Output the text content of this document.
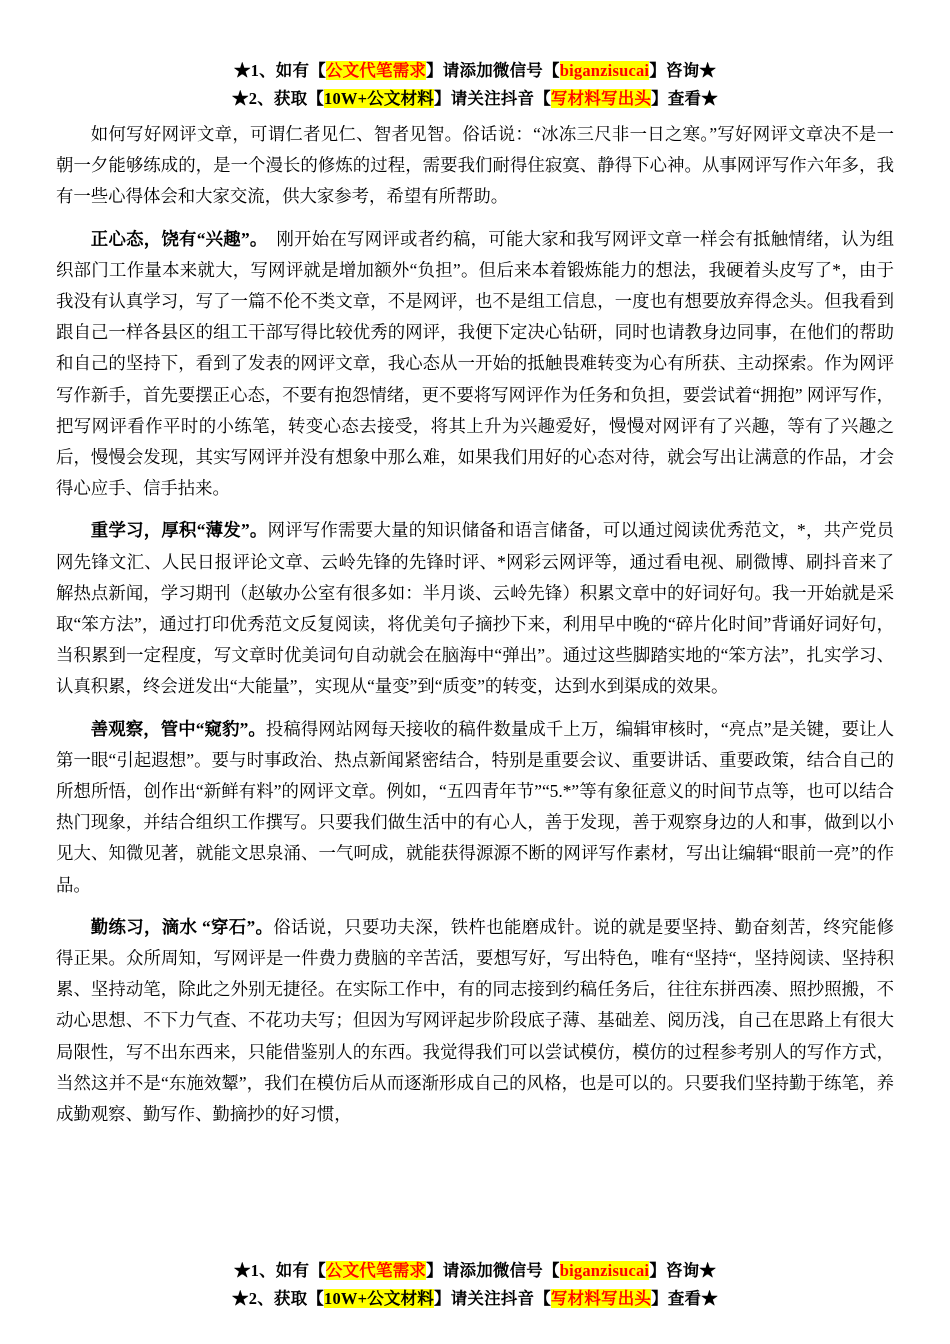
★1、如有【公文代笔需求】请添加微信号【biganzisucai】咨询★
★2、获取【10W+公文材料】请关注抖音【写材料写出头】查看★

如何写好网评文章，可谓仁者见仁、智者见智。俗话说：“冰冻三尺非一日之寒。”写好网评文章决不是一朝一夕能够练成的，是一个漫长的修炼的过程，需要我们耐得住寂寞、静得下心神。从事网评写作六年多，我有一些心得体会和大家交流，供大家参考，希望有所帮助。

正心态，饶有“兴趣”。　刚开始在写网评或者约稿，可能大家和我写网评文章一样会有抵触情绪，认为组织部门工作量本来就大，写网评就是增加额外“负担”。但后来本着锻炼能力的想法，我硬着头皮写了*，由于我没有认真学习，写了一篇不伦不类文章，不是网评，也不是组工信息，一度也有想要放弃得念头。但我看到跟自己一样各县区的组工干部写得比较优秀的网评，我便下定决心钻研，同时也请教身边同事，在他们的帮助和自己的坚持下，看到了发表的网评文章，我心态从一开始的抵触畏难转变为心有所获、主动探索。作为网评写作新手，首先要摆正心态，不要有抱怨情绪，更不要将写网评作为任务和负担，要尝试着“拥抱” 网评写作，把写网评看作平时的小练笔，转变心态去接受，将其上升为兴趣爱好，慢慢对网评有了兴趣，等有了兴趣之后，慢慢会发现，其实写网评并没有想象中那么难，如果我们用好的心态对待，就会写出让满意的作品，才会得心应手、信手拈来。

重学习，厚积“薄发”。网评写作需要大量的知识储备和语言储备，可以通过阅读优秀范文，*，共产党员网先锋文汇、人民日报评论文章、云岭先锋的先锋时评、*网彩云网评等，通过看电视、刷微博、刷抖音来了解热点新闻，学习期刊（赵敏办公室有很多如：半月谈、云岭先锋）积累文章中的好词好句。我一开始就是采取“笨方法”，通过打印优秀范文反复阅读，将优美句子摘抄下来，利用早中晚的“碎片化时间”背诵好词好句，当积累到一定程度，写文章时优美词句自动就会在脑海中“弹出”。通过这些脚踏实地的“笨方法”，扎实学习、认真积累，终会迸发出“大能量”，实现从“量变”到“质变”的转变，达到水到渠成的效果。

善观察，管中“窥豹”。投稿得网站网每天接收的稿件数量成千上万，编辑审核时，“亮点”是关键，要让人第一眼“引起遐想”。要与时事政治、热点新闻紧密结合，特别是重要会议、重要讲话、重要政策，结合自己的所想所悟，创作出“新鲜有料”的网评文章。例如，“五四青年节”“5.*”等有象征意义的时间节点等，也可以结合热门现象，并结合组织工作撰写。只要我们做生活中的有心人，善于发现，善于观察身边的人和事，做到以小见大、知微见著，就能文思泉涌、一气呵成，就能获得源源不断的网评写作素材，写出让编辑“眼前一亮”的作品。

勤练习，滴水 “穿石”。俗话说，只要功夫深，铁杵也能磨成针。说的就是要坚持、勤奋刻苦，终究能修得正果。众所周知，写网评是一件费力费脑的辛苦活，要想写好，写出特色，唯有“坚持“，坚持阅读、坚持积累、坚持动笔，除此之外别无捷径。在实际工作中，有的同志接到约稿任务后，往往东拼西凑、照抄照搬，不动心思想、不下力气查、不花功夫写；但因为写网评起步阶段底子薄、基础差、阅历浅，自己在思路上有很大局限性，写不出东西来，只能借鉴别人的东西。我觉得我们可以尝试模仿，模仿的过程参考别人的写作方式，当然这并不是“东施效颦”，我们在模仿后从而逐渐形成自己的风格，也是可以的。只要我们坚持勤于练笔，养成勤观察、勤写作、勤摘抄的好习惯，

★1、如有【公文代笔需求】请添加微信号【biganzisucai】咨询★
★2、获取【10W+公文材料】请关注抖音【写材料写出头】查看★
